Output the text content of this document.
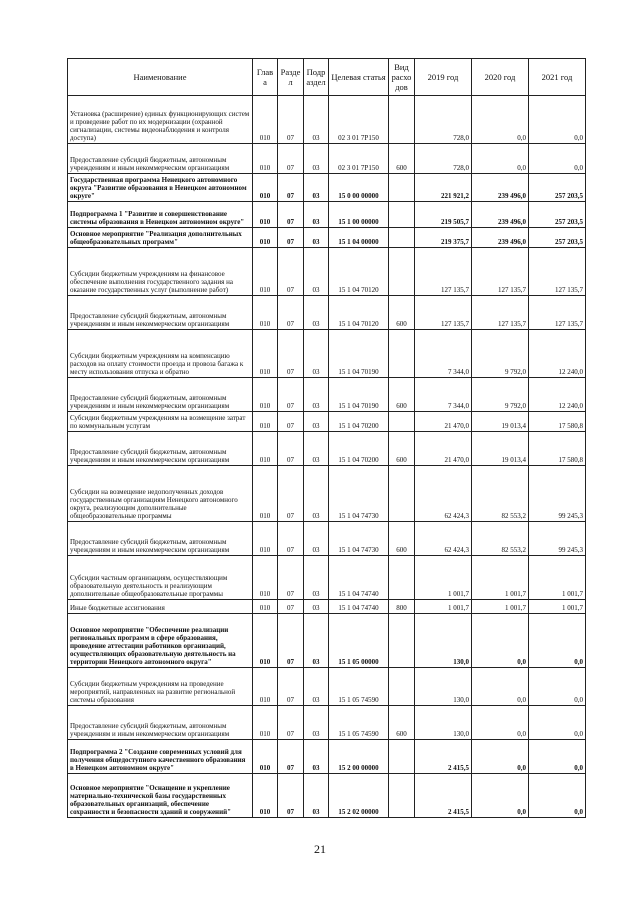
Наименование	Глав а	Разде л	Подр аздел	Целевая статья	Вид расхо дов	2019 год	2020 год	2021 год
Установка (расширение) единых функционирующих систем и проведение работ по их модернизации (охранной сигнализации, системы видеонаблюдения и контроля доступа)	010	07	03	02 3 01 7Р150		728,0	0,0	0,0
Предоставление субсидий бюджетным, автономным учреждениям и иным некоммерческим организациям	010	07	03	02 3 01 7Р150	600	728,0	0,0	0,0
Государственная программа Ненецкого автономного округа "Развитие образования в Ненецком автономном округе"	010	07	03	15 0 00 00000		221 921,2	239 496,0	257 203,5
Подпрограмма 1 "Развитие и совершенствование системы образования в Ненецком автономном округе"	010	07	03	15 1 00 00000		219 505,7	239 496,0	257 203,5
Основное мероприятие "Реализация дополнительных общеобразовательных программ"	010	07	03	15 1 04 00000		219 375,7	239 496,0	257 203,5
Субсидии бюджетным учреждениям на финансовое обеспечение выполнения государственного задания на оказание государственных услуг (выполнение работ)	010	07	03	15 1 04 70120		127 135,7	127 135,7	127 135,7
Предоставление субсидий бюджетным, автономным учреждениям и иным некоммерческим организациям	010	07	03	15 1 04 70120	600	127 135,7	127 135,7	127 135,7
Субсидии бюджетным учреждениям на компенсацию расходов на оплату стоимости проезда и провоза багажа к месту использования отпуска и обратно	010	07	03	15 1 04 70190		7 344,0	9 792,0	12 240,0
Предоставление субсидий бюджетным, автономным учреждениям и иным некоммерческим организациям	010	07	03	15 1 04 70190	600	7 344,0	9 792,0	12 240,0
Субсидии бюджетным учреждениям на возмещение затрат по коммунальным услугам	010	07	03	15 1 04 70200		21 470,0	19 013,4	17 580,8
Предоставление субсидий бюджетным, автономным учреждениям и иным некоммерческим организациям	010	07	03	15 1 04 70200	600	21 470,0	19 013,4	17 580,8
Субсидии на возмещение недополученных доходов государственным организациям Ненецкого автономного округа, реализующим дополнительные общеобразовательные программы	010	07	03	15 1 04 74730		62 424,3	82 553,2	99 245,3
Предоставление субсидий бюджетным, автономным учреждениям и иным некоммерческим организациям	010	07	03	15 1 04 74730	600	62 424,3	82 553,2	99 245,3
Субсидии частным организациям, осуществляющим образовательную деятельность и реализующим дополнительные общеобразовательные программы	010	07	03	15 1 04 74740		1 001,7	1 001,7	1 001,7
Иные бюджетные ассигнования	010	07	03	15 1 04 74740	800	1 001,7	1 001,7	1 001,7
Основное мероприятие "Обеспечение реализации региональных программ в сфере образования, проведение аттестации работников организаций, осуществляющих образовательную деятельность на территории Ненецкого автономного округа"	010	07	03	15 1 05 00000		130,0	0,0	0,0
Субсидии бюджетным учреждениям на проведение мероприятий, направленных на развитие региональной системы образования	010	07	03	15 1 05 74590		130,0	0,0	0,0
Предоставление субсидий бюджетным, автономным учреждениям и иным некоммерческим организациям	010	07	03	15 1 05 74590	600	130,0	0,0	0,0
Подпрограмма 2 "Создание современных условий для получения общедоступного качественного образования в Ненецком автономном округе"	010	07	03	15 2 00 00000		2 415,5	0,0	0,0
Основное мероприятие "Оснащение и укрепление материально-технической базы государственных образовательных организаций, обеспечение сохранности и безопасности зданий и сооружений"	010	07	03	15 2 02 00000		2 415,5	0,0	0,0
21
